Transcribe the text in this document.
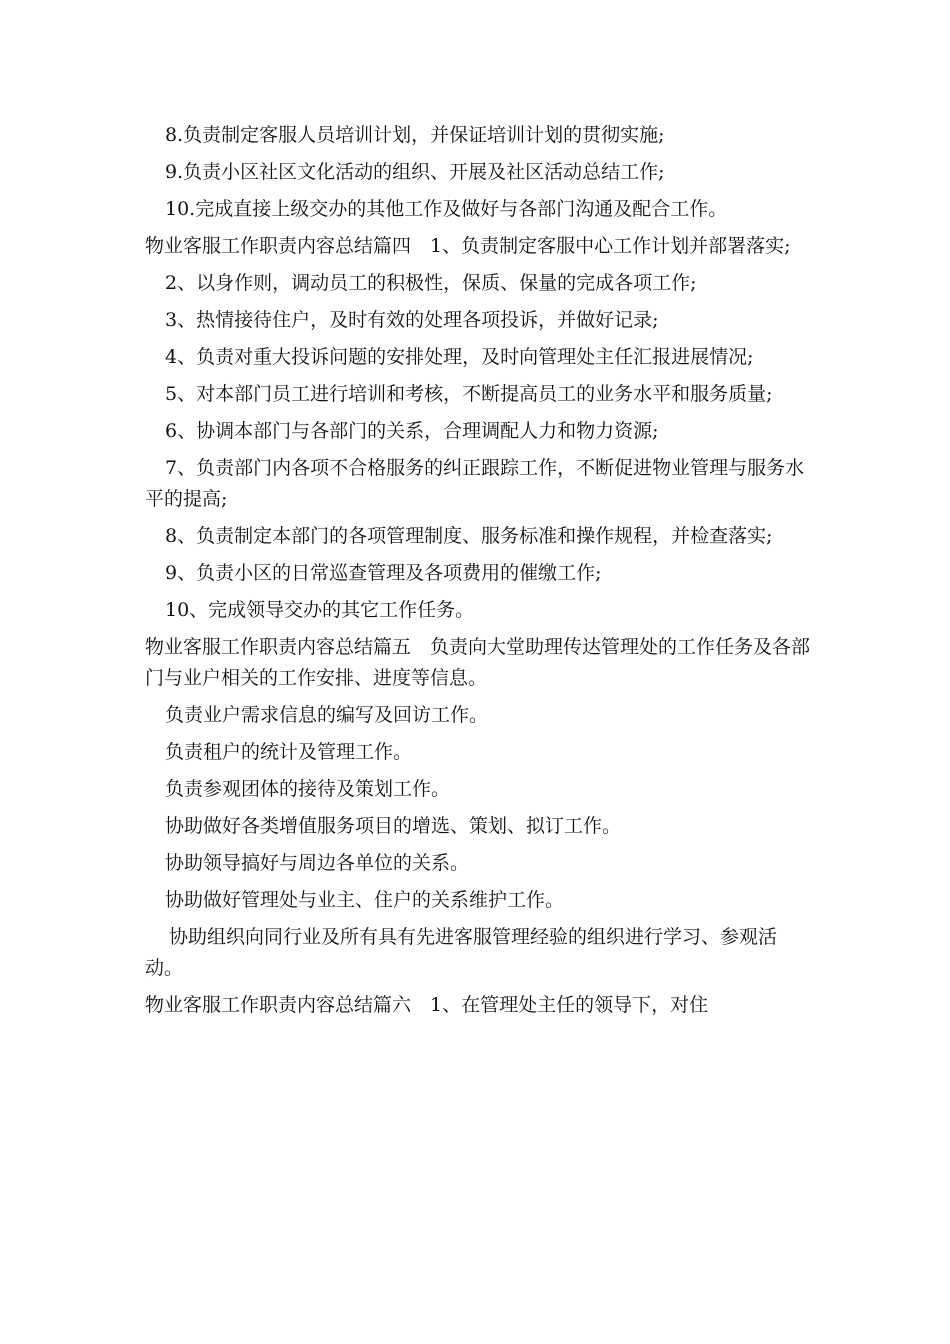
8.负责制定客服人员培训计划，并保证培训计划的贯彻实施;

9.负责小区社区文化活动的组织、开展及社区活动总结工作;

10.完成直接上级交办的其他工作及做好与各部门沟通及配合工作。

物业客服工作职责内容总结篇四　1、负责制定客服中心工作计划并部署落实;

2、以身作则，调动员工的积极性，保质、保量的完成各项工作;

3、热情接待住户，及时有效的处理各项投诉，并做好记录;

4、负责对重大投诉问题的安排处理，及时向管理处主任汇报进展情况;

5、对本部门员工进行培训和考核，不断提高员工的业务水平和服务质量;

6、协调本部门与各部门的关系，合理调配人力和物力资源;

7、负责部门内各项不合格服务的纠正跟踪工作，不断促进物业管理与服务水平的提高;

8、负责制定本部门的各项管理制度、服务标准和操作规程，并检查落实;

9、负责小区的日常巡查管理及各项费用的催缴工作;

10、完成领导交办的其它工作任务。

物业客服工作职责内容总结篇五　负责向大堂助理传达管理处的工作任务及各部门与业户相关的工作安排、进度等信息。

负责业户需求信息的编写及回访工作。

负责租户的统计及管理工作。

负责参观团体的接待及策划工作。

协助做好各类增值服务项目的增选、策划、拟订工作。

协助领导搞好与周边各单位的关系。

协助做好管理处与业主、住户的关系维护工作。

协助组织向同行业及所有具有先进客服管理经验的组织进行学习、参观活动。

物业客服工作职责内容总结篇六　1、在管理处主任的领导下，对住
